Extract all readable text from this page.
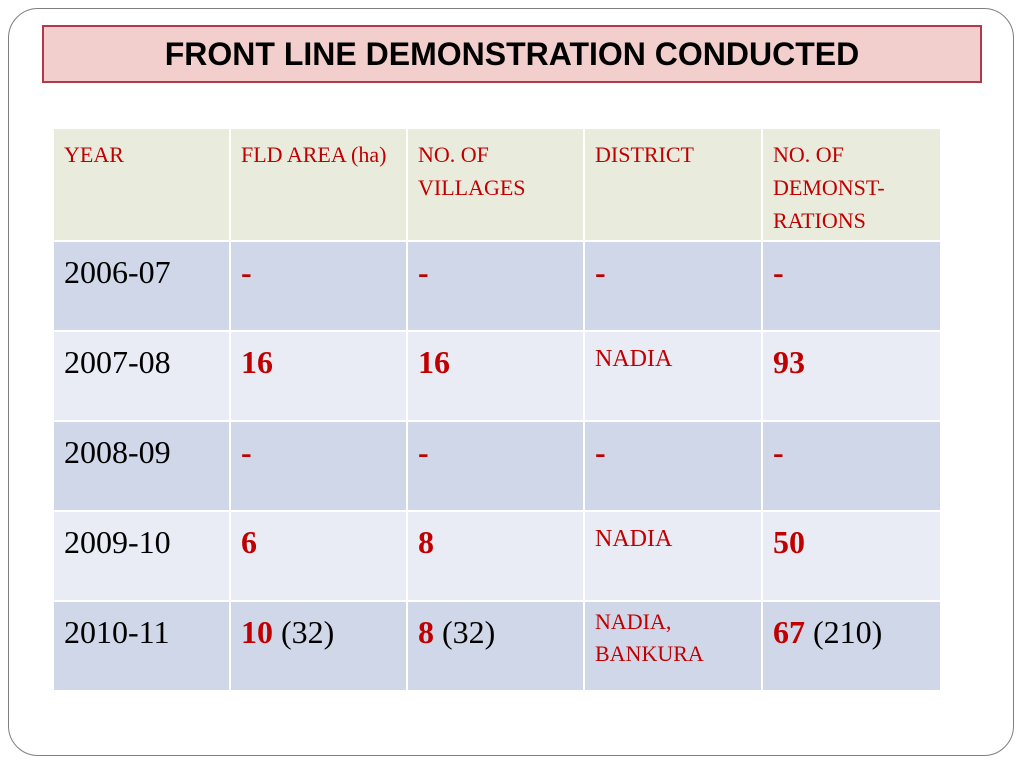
FRONT LINE DEMONSTRATION CONDUCTED
YEAR	FLD AREA (ha)	NO. OF VILLAGES	DISTRICT	NO. OF DEMONST-RATIONS
2006-07	-	-	-	-
2007-08	16	16	NADIA	93
2008-09	-	-	-	-
2009-10	6	8	NADIA	50
2010-11	10 (32)	8 (32)	NADIA, BANKURA	67 (210)
